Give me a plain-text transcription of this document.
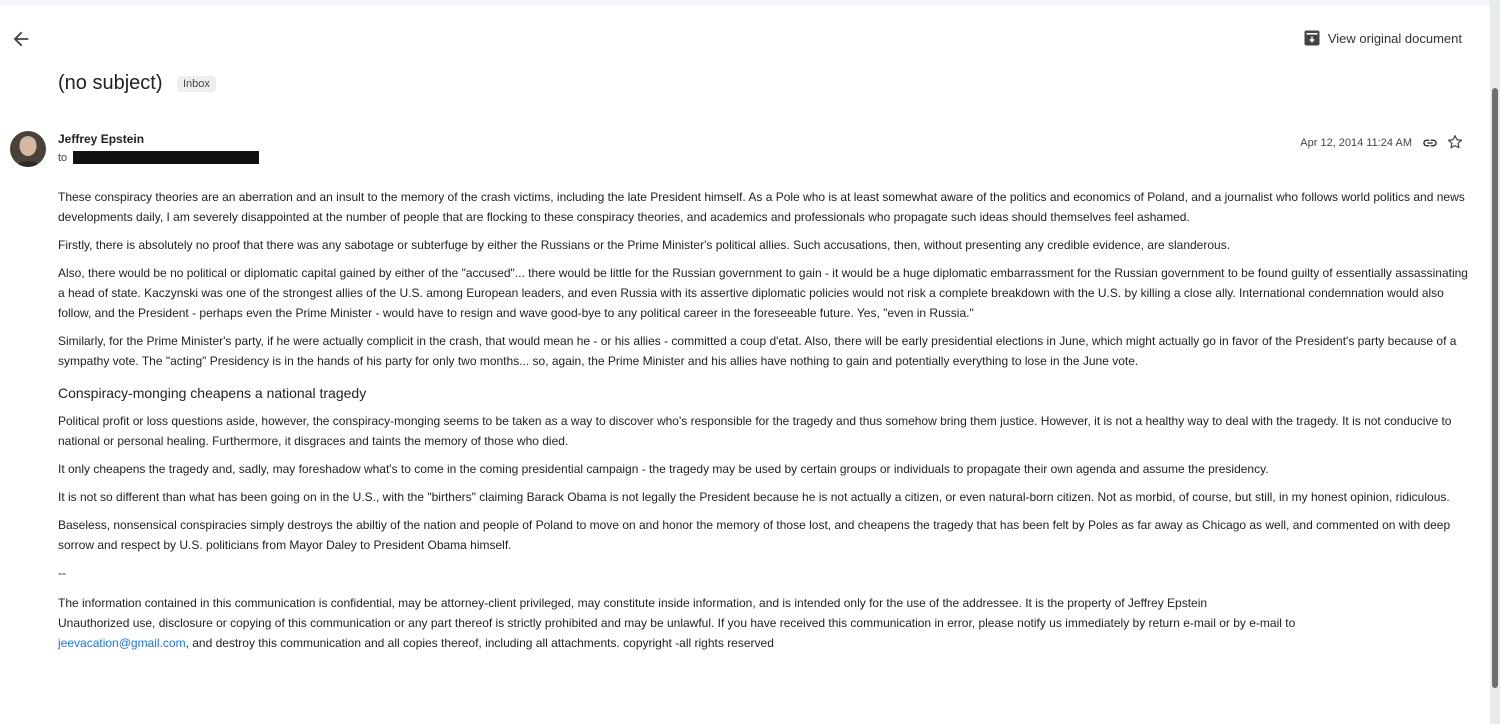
View original document
(no subject)	Inbox
Jeffrey Epstein
to
Apr 12, 2014 11:24 AM

These conspiracy theories are an aberration and an insult to the memory of the crash victims, including the late President himself. As a Pole who is at least somewhat aware of the politics and economics of Poland, and a journalist who follows world politics and news developments daily, I am severely disappointed at the number of people that are flocking to these conspiracy theories, and academics and professionals who propagate such ideas should themselves feel ashamed.

Firstly, there is absolutely no proof that there was any sabotage or subterfuge by either the Russians or the Prime Minister's political allies. Such accusations, then, without presenting any credible evidence, are slanderous.

Also, there would be no political or diplomatic capital gained by either of the "accused"... there would be little for the Russian government to gain - it would be a huge diplomatic embarrassment for the Russian government to be found guilty of essentially assassinating a head of state. Kaczynski was one of the strongest allies of the U.S. among European leaders, and even Russia with its assertive diplomatic policies would not risk a complete breakdown with the U.S. by killing a close ally. International condemnation would also follow, and the President - perhaps even the Prime Minister - would have to resign and wave good-bye to any political career in the foreseeable future. Yes, "even in Russia."

Similarly, for the Prime Minister's party, if he were actually complicit in the crash, that would mean he - or his allies - committed a coup d'etat. Also, there will be early presidential elections in June, which might actually go in favor of the President's party because of a sympathy vote. The "acting" Presidency is in the hands of his party for only two months... so, again, the Prime Minister and his allies have nothing to gain and potentially everything to lose in the June vote.

Conspiracy-monging cheapens a national tragedy

Political profit or loss questions aside, however, the conspiracy-monging seems to be taken as a way to discover who's responsible for the tragedy and thus somehow bring them justice. However, it is not a healthy way to deal with the tragedy. It is not conducive to national or personal healing. Furthermore, it disgraces and taints the memory of those who died.

It only cheapens the tragedy and, sadly, may foreshadow what's to come in the coming presidential campaign - the tragedy may be used by certain groups or individuals to propagate their own agenda and assume the presidency.

It is not so different than what has been going on in the U.S., with the "birthers" claiming Barack Obama is not legally the President because he is not actually a citizen, or even natural-born citizen. Not as morbid, of course, but still, in my honest opinion, ridiculous.

Baseless, nonsensical conspiracies simply destroys the abiltiy of the nation and people of Poland to move on and honor the memory of those lost, and cheapens the tragedy that has been felt by Poles as far away as Chicago as well, and commented on with deep sorrow and respect by U.S. politicians from Mayor Daley to President Obama himself.

--

The information contained in this communication is confidential, may be attorney-client privileged, may constitute inside information, and is intended only for the use of the addressee. It is the property of Jeffrey Epstein

Unauthorized use, disclosure or copying of this communication or any part thereof is strictly prohibited and may be unlawful. If you have received this communication in error, please notify us immediately by return e-mail or by e-mail to
jeevacation@gmail.com, and destroy this communication and all copies thereof, including all attachments. copyright -all rights reserved
